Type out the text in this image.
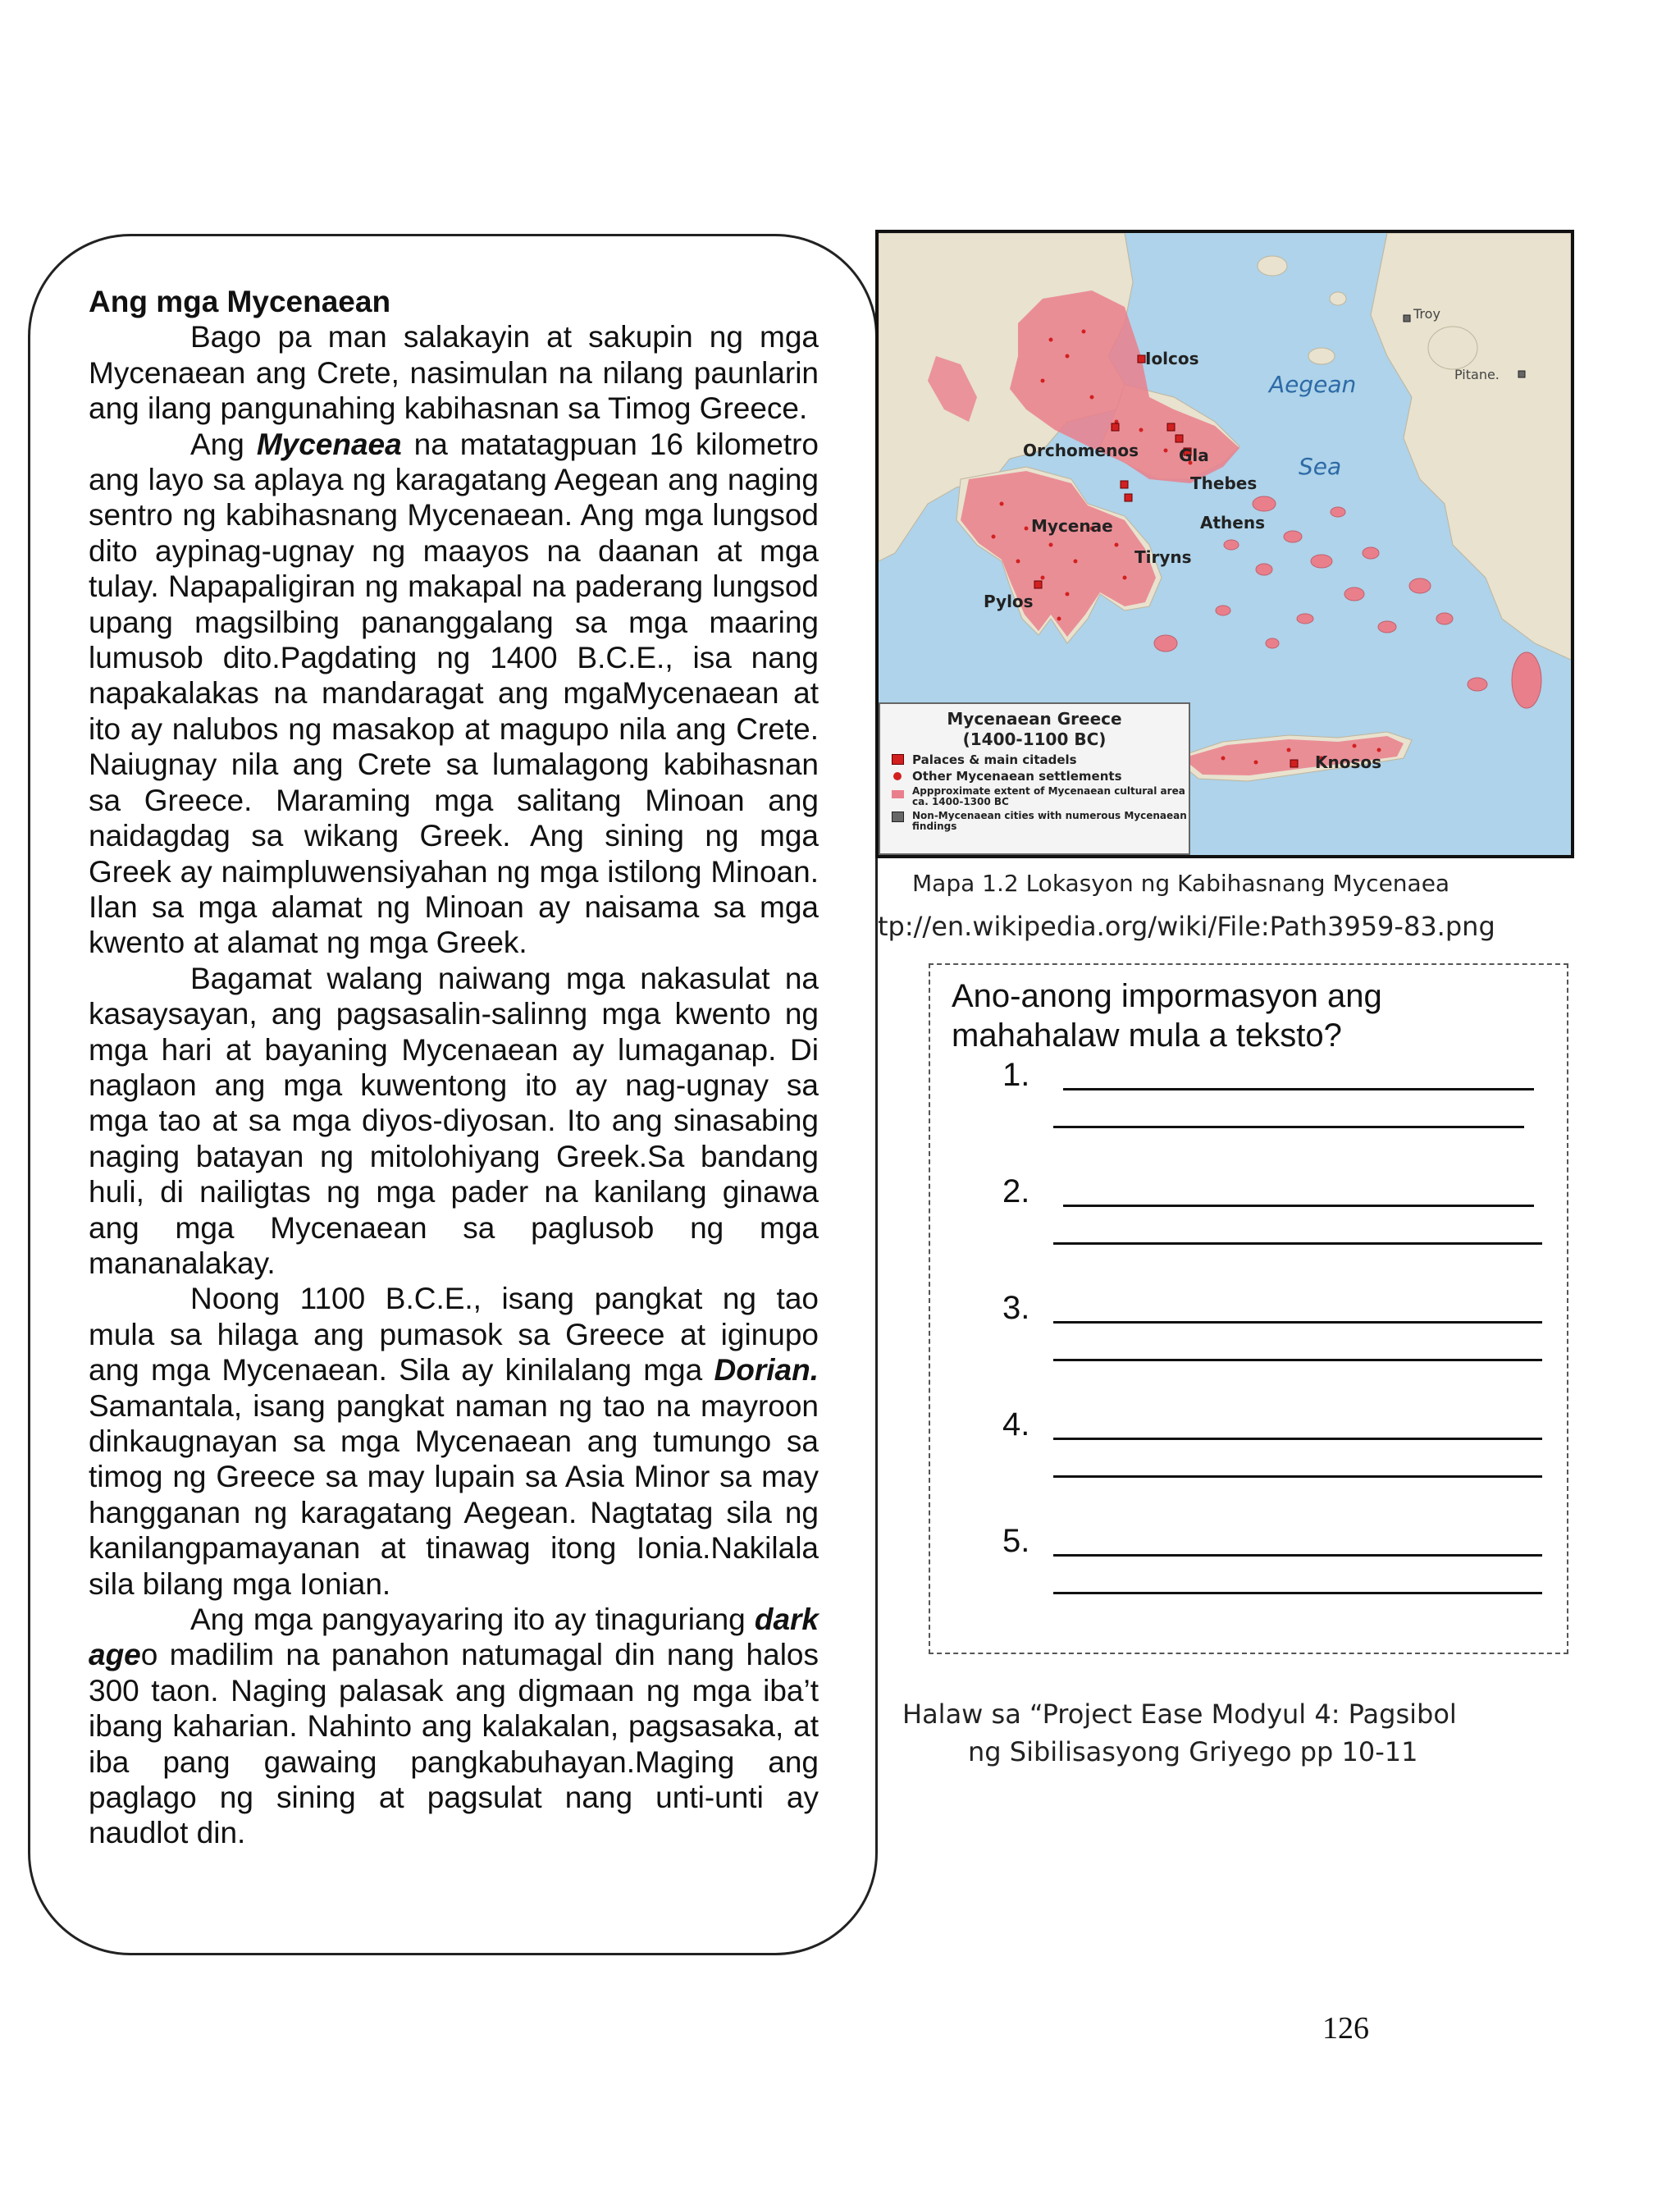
Ang mga Mycenaean

Bago pa man salakayin at sakupin ng mga Mycenaean ang Crete, nasimulan na nilang paunlarin ang ilang pangunahing kabihasnan sa Timog Greece.

Ang Mycenaea na matatagpuan 16 kilometro ang layo sa aplaya ng karagatang Aegean ang naging sentro ng kabihasnang Mycenaean. Ang mga lungsod dito aypinag-ugnay ng maayos na daanan at mga tulay. Napapaligiran ng makapal na paderang lungsod upang magsilbing pananggalang sa mga maaring lumusob dito.Pagdating ng 1400 B.C.E., isa nang napakalakas na mandaragat ang mgaMycenaean at ito ay nalubos ng masakop at magupo nila ang Crete. Naiugnay nila ang Crete sa lumalagong kabihasnan sa Greece. Maraming mga salitang Minoan ang naidagdag sa wikang Greek. Ang sining ng mga Greek ay naimpluwensiyahan ng mga istilong Minoan. Ilan sa mga alamat ng Minoan ay naisama sa mga kwento at alamat ng mga Greek.

Bagamat walang naiwang mga nakasulat na kasaysayan, ang pagsasalin-salinng mga kwento ng mga hari at bayaning Mycenaean ay lumaganap. Di naglaon ang mga kuwentong ito ay nag-ugnay sa mga tao at sa mga diyos-diyosan. Ito ang sinasabing naging batayan ng mitolohiyang Greek.Sa bandang huli, di nailigtas ng mga pader na kanilang ginawa ang mga Mycenaean sa paglusob ng mga mananalakay.

Noong 1100 B.C.E., isang pangkat ng tao mula sa hilaga ang pumasok sa Greece at iginupo ang mga Mycenaean. Sila ay kinilalang mga Dorian. Samantala, isang pangkat naman ng tao na mayroon dinkaugnayan sa mga Mycenaean ang tumungo sa timog ng Greece sa may lupain sa Asia Minor sa may hangganan ng karagatang Aegean. Nagtatag sila ng kanilangpamayanan at tinawag itong Ionia.Nakilala sila bilang mga Ionian.

Ang mga pangyayaring ito ay tinaguriang dark ageo madilim na panahon natumagal din nang halos 300 taon. Naging palasak ang digmaan ng mga iba’t ibang kaharian. Nahinto ang kalakalan, pagsasaka, at iba pang gawaing pangkabuhayan.Maging ang paglago ng sining at pagsulat nang unti-unti ay naudlot din.

Iolcos
Orchomenos Gla
Thebes
Athens
Mycenae
Tiryns
Pylos
Knosos
Troy
Pitane.
Aegean
Sea
Mycenaean Greece
(1400-1100 BC)
Palaces & main citadels
Other Mycenaean settlements
Appproximate extent of Mycenaean cultural area ca. 1400-1300 BC
Non-Mycenaean cities with numerous Mycenaean findings
Mapa 1.2 Lokasyon ng Kabihasnang Mycenaea
tp://en.wikipedia.org/wiki/File:Path3959-83.png
Ano-anong impormasyon ang mahahalaw mula a teksto?
1.
2.
3.
4.
5.
Halaw sa “Project Ease Modyul 4: Pagsibol
ng Sibilisasyong Griyego pp 10-11
126
